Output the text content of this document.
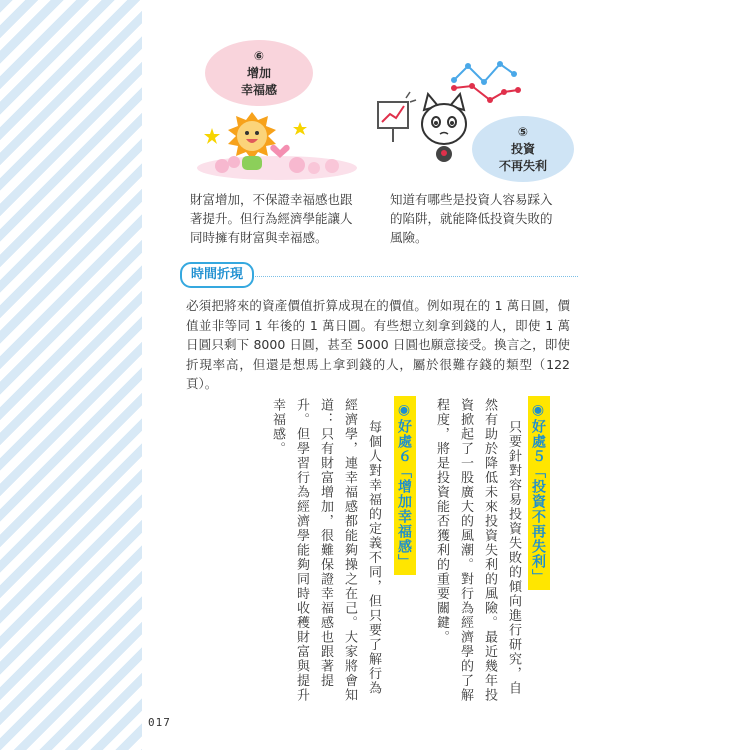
⑥
增加
幸福感
⑤
投資
不再失利
財富增加，不保證幸福感也跟
著提升。但行為經濟學能讓人
同時擁有財富與幸福感。
知道有哪些是投資人容易踩入
的陷阱，就能降低投資失敗的
風險。
時間折現
必須把將來的資產價值折算成現在的價值。例如現在的 1 萬日圓，價值並非等同 1 年後的 1 萬日圓。有些想立刻拿到錢的人，即使 1 萬日圓只剩下 8000 日圓，甚至 5000 日圓也願意接受。換言之，即使折現率高，但還是想馬上拿到錢的人，屬於很難存錢的類型（122 頁）。
◉好處５「投資不再失利」
只要針對容易投資失敗的傾向進行研究，自
然有助於降低未來投資失利的風險。最近幾年投
資掀起了一股廣大的風潮。對行為經濟學的了解
程度，將是投資能否獲利的重要關鍵。
◉好處６「增加幸福感」
每個人對幸福的定義不同，但只要了解行為
經濟學，連幸福感都能夠操之在己。大家將會知
道：只有財富增加，很難保證幸福感也跟著提
升。但學習行為經濟學能夠同時收穫財富與提升
幸福感。
017
